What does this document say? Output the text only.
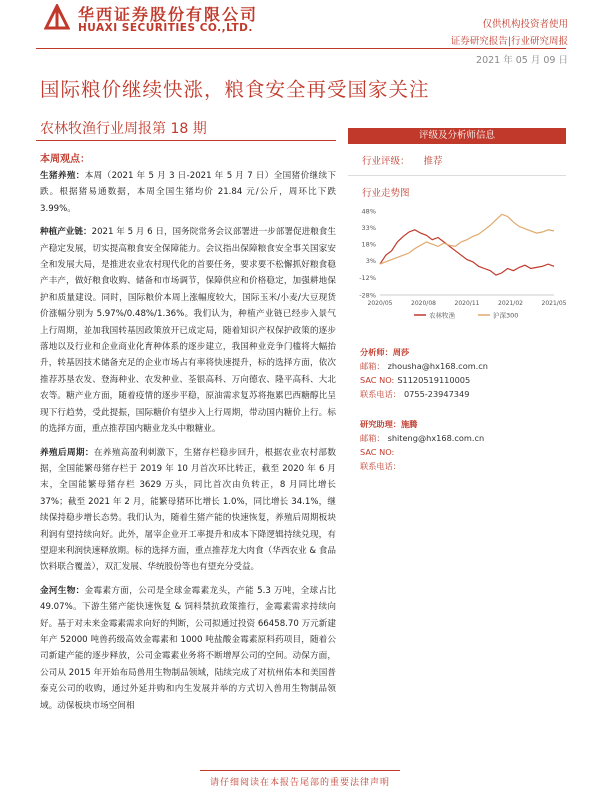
华西证券股份有限公司
HUAXI SECURITIES CO.,LTD.	仅供机构投资者使用
证券研究报告|行业研究周报
2021 年 05 月 09 日
国际粮价继续快涨，粮食安全再受国家关注
农林牧渔行业周报第 18 期
本周观点：

生猪养殖：本周（2021 年 5 月 3 日-2021 年 5 月 7 日）全国猪价继续下跌。根据猪易通数据，本周全国生猪均价 21.84 元/公斤，周环比下跌 3.99%。

种植产业链：2021 年 5 月 6 日，国务院常务会议部署进一步部署促进粮食生产稳定发展，切实提高粮食安全保障能力。会议指出保障粮食安全事关国家安全和发展大局，是推进农业农村现代化的首要任务，要求要不松懈抓好粮食稳产丰产，做好粮食收购、储备和市场调节，保障供应和价格稳定，加强耕地保护和质量建设。同时，国际粮价本周上涨幅度较大，国际玉米/小麦/大豆现货价涨幅分别为 5.97%/0.48%/1.36%。我们认为，种植产业链已经步入景气上行周期，並加我国转基因政策放开已成定局，随着知识产权保护政策的逐步落地以及行业和企业商业化育种体系的逐步建立，我国种业竞争门槛将大幅抬升，转基因技术储备充足的企业市场占有率将快速提升，标的选择方面，依次推荐苏垦农发、登海种业、农发种业、荃银高科、万向德农、隆平高科、大北农等。糖产业方面，随着疫情的逐步平稳，原油需求复苏将拖累巴西糖醇比呈现下行趋势，受此提振，国际糖价有望步入上行周期，带动国内糖价上行。标的选择方面，重点推荐国内糖业龙头中粮糖业。

养殖后周期：在养殖高盈利刺激下，生猪存栏稳步回升，根据农业农村部数据，全国能繁母猪存栏于 2019 年 10 月首次环比转正，截至 2020 年 6 月末，全国能繁母猪存栏 3629 万头，同比首次由负转正，8 月同比增长 37%；截至 2021 年 2 月，能繁母猪环比增长 1.0%，同比增长 34.1%，继续保持稳步增长态势。我们认为，随着生猪产能的快速恢复，养殖后周期板块利润有望持续向好。此外，屠宰企业开工率提升和成本下降逻辑持续兑现，有望迎来利润快速释放期。标的选择方面，重点推荐龙大肉食（华西农业 & 食品饮料联合覆盖），双汇发展、华统股份等也有望充分受益。

金河生物：金霉素方面，公司是全球金霉素龙头，产能 5.3 万吨，全球占比 49.07%。下游生猪产能快速恢复 & 饲料禁抗政策推行，金霉素需求持续向好。基于对未来金霉素需求向好的判断，公司拟通过投资 66458.70 万元新建年产 52000 吨兽药级高效金霉素和 1000 吨盐酸金霉素原料药项目，随着公司新建产能的逐步释放，公司金霉素业务将不断增厚公司的空间。动保方面，公司从 2015 年开始布局兽用生物制品领域，陆续完成了对杭州佑本和美国普泰克公司的收购，通过外延并购和内生发展并举的方式切入兽用生物制品领域。动保板块市场空间相

评级及分析师信息
行业评级： 推荐
行业走势图
48%
33%
18%
3%
-12%
-28%
2020/05	2020/08	2020/11	2021/02	2021/05
农林牧渔	沪深300
分析师：周莎
邮箱： zhousha@hx168.com.cn
SAC NO: S1120519110005
联系电话： 0755-23947349
研究助理：施腾
邮箱： shiteng@hx168.com.cn
SAC NO:
联系电话：
请仔细阅读在本报告尾部的重要法律声明
